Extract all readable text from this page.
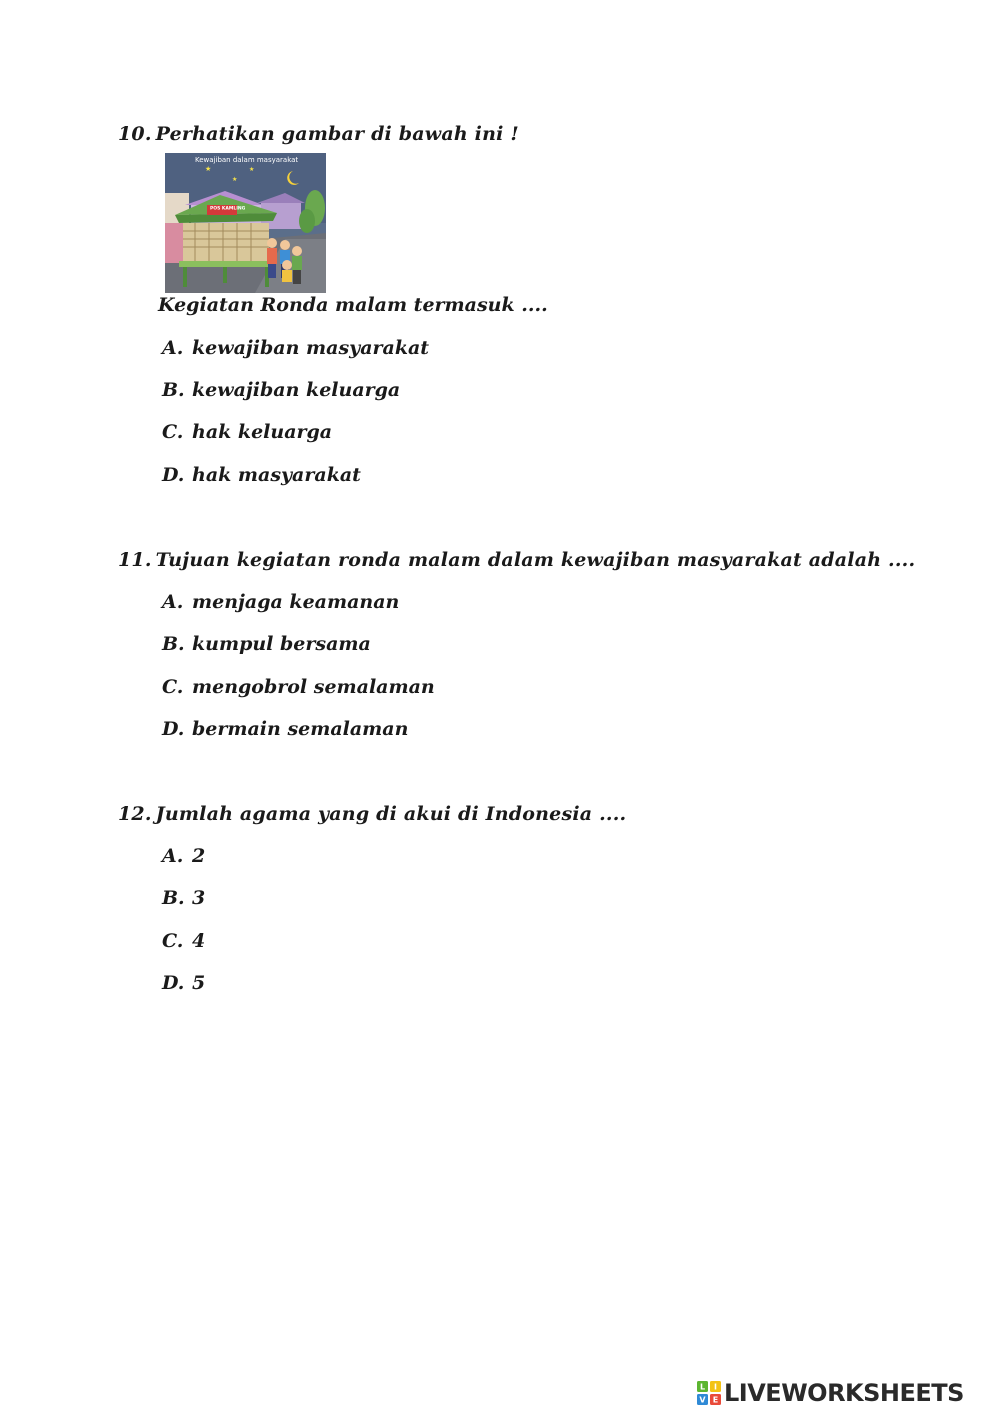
10. Perhatikan gambar di bawah ini !
Kewajiban dalam masyarakat
★
★
★
POS KAMLING
Kegiatan Ronda malam termasuk ....
A. kewajiban masyarakat
B. kewajiban keluarga
C. hak keluarga
D. hak masyarakat
11. Tujuan kegiatan ronda malam dalam kewajiban masyarakat adalah ....
A. menjaga keamanan
B. kumpul bersama
C. mengobrol semalaman
D. bermain semalaman
12. Jumlah agama yang di akui di Indonesia ....
A. 2
B. 3
C. 4
D. 5
L I
V E LIVEWORKSHEETS
